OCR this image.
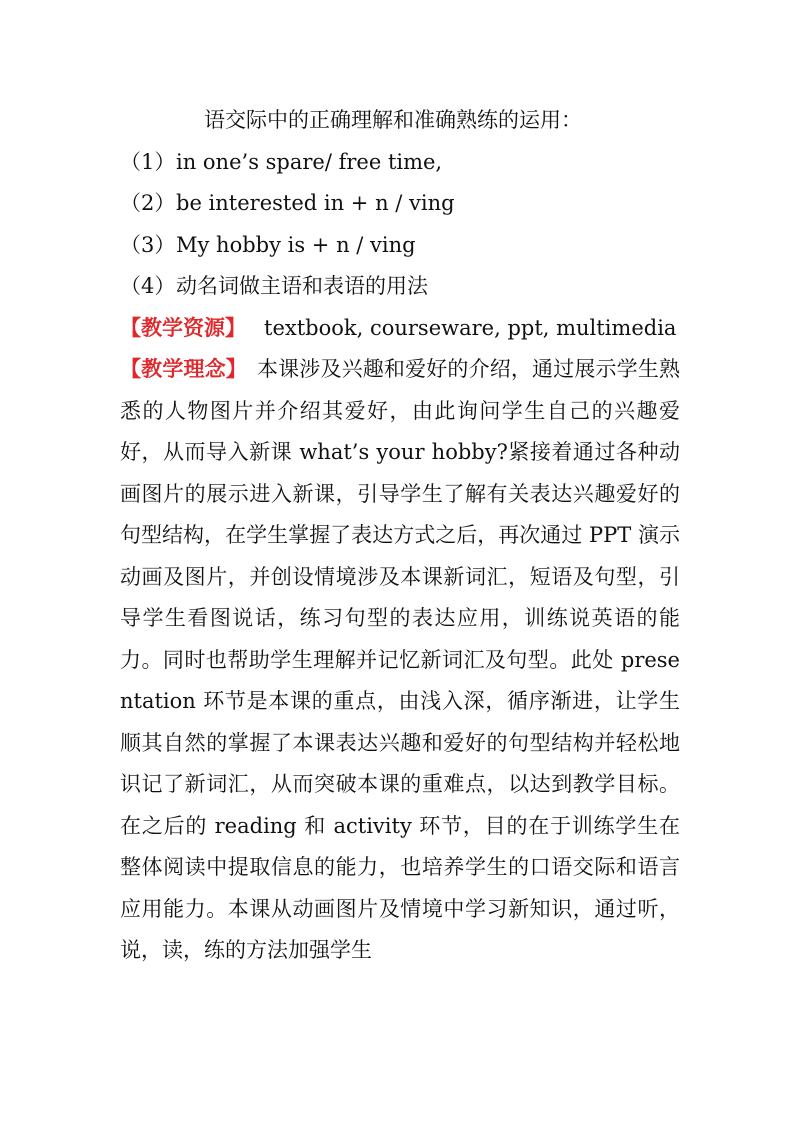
语交际中的正确理解和准确熟练的运用：
（1）in one’s spare/ free time,
（2）be interested in + n / ving
（3）My hobby is + n / ving
（4）动名词做主语和表语的用法
【教学资源】 textbook, courseware, ppt, multimedia
【教学理念】 本课涉及兴趣和爱好的介绍，通过展示学生熟悉的人物图片并介绍其爱好，由此询问学生自己的兴趣爱好，从而导入新课 what’s your hobby?紧接着通过各种动画图片的展示进入新课，引导学生了解有关表达兴趣爱好的句型结构，在学生掌握了表达方式之后，再次通过 PPT 演示动画及图片，并创设情境涉及本课新词汇，短语及句型，引导学生看图说话，练习句型的表达应用，训练说英语的能力。同时也帮助学生理解并记忆新词汇及句型。此处 presentation 环节是本课的重点，由浅入深，循序渐进，让学生顺其自然的掌握了本课表达兴趣和爱好的句型结构并轻松地识记了新词汇，从而突破本课的重难点，以达到教学目标。在之后的 reading 和 activity 环节，目的在于训练学生在整体阅读中提取信息的能力，也培养学生的口语交际和语言应用能力。本课从动画图片及情境中学习新知识，通过听，说，读，练的方法加强学生
